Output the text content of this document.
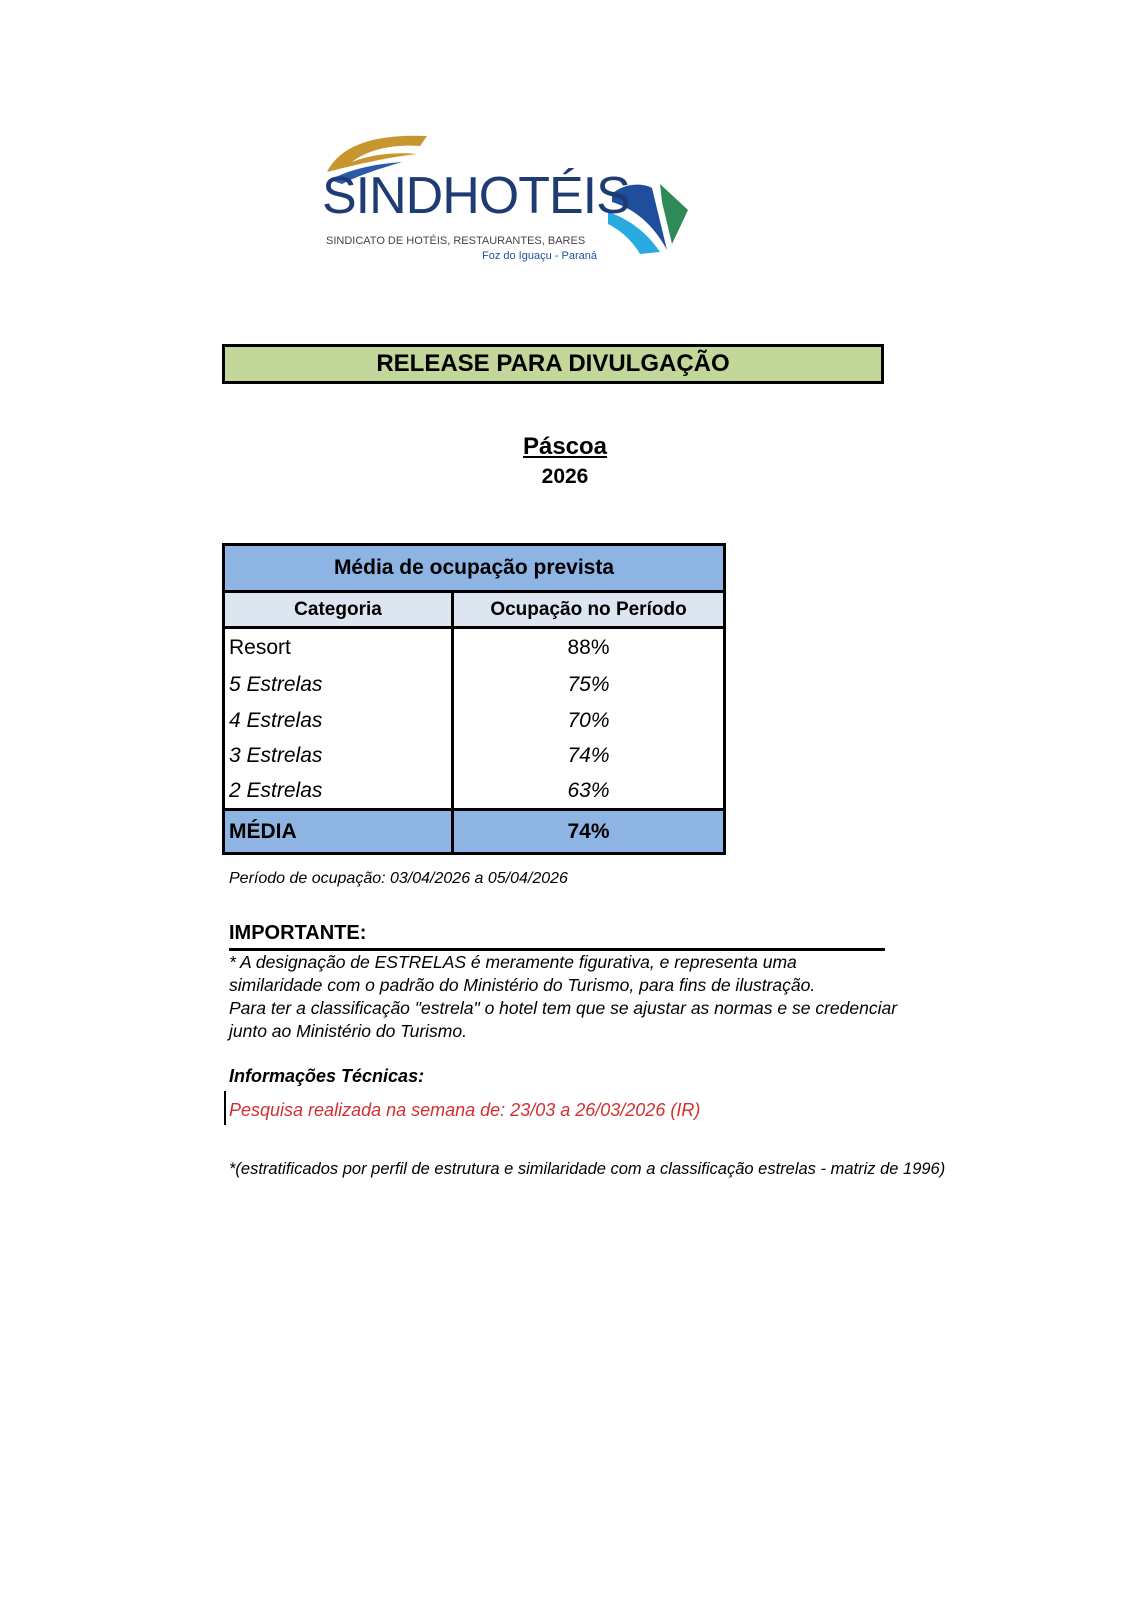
SINDHOTÉIS
SINDICATO DE HOTÉIS, RESTAURANTES, BARES
Foz do Iguaçu - Paraná
RELEASE PARA DIVULGAÇÃO
Páscoa
2026
Média de ocupação prevista
Categoria	Ocupação no Período
Resort	88%
5 Estrelas	75%
4 Estrelas	70%
3 Estrelas	74%
2 Estrelas	63%
MÉDIA	74%
Período de ocupação: 03/04/2026 a 05/04/2026
IMPORTANTE:
* A designação de ESTRELAS é meramente figurativa, e representa uma
similaridade com o padrão do Ministério do Turismo, para fins de ilustração.
Para ter a classificação "estrela" o hotel tem que se ajustar as normas e se credenciar
junto ao Ministério do Turismo.
Informações Técnicas:
Pesquisa realizada na semana de: 23/03 a 26/03/2026 (IR)
*(estratificados por perfil de estrutura e similaridade com a classificação estrelas - matriz de 1996)
